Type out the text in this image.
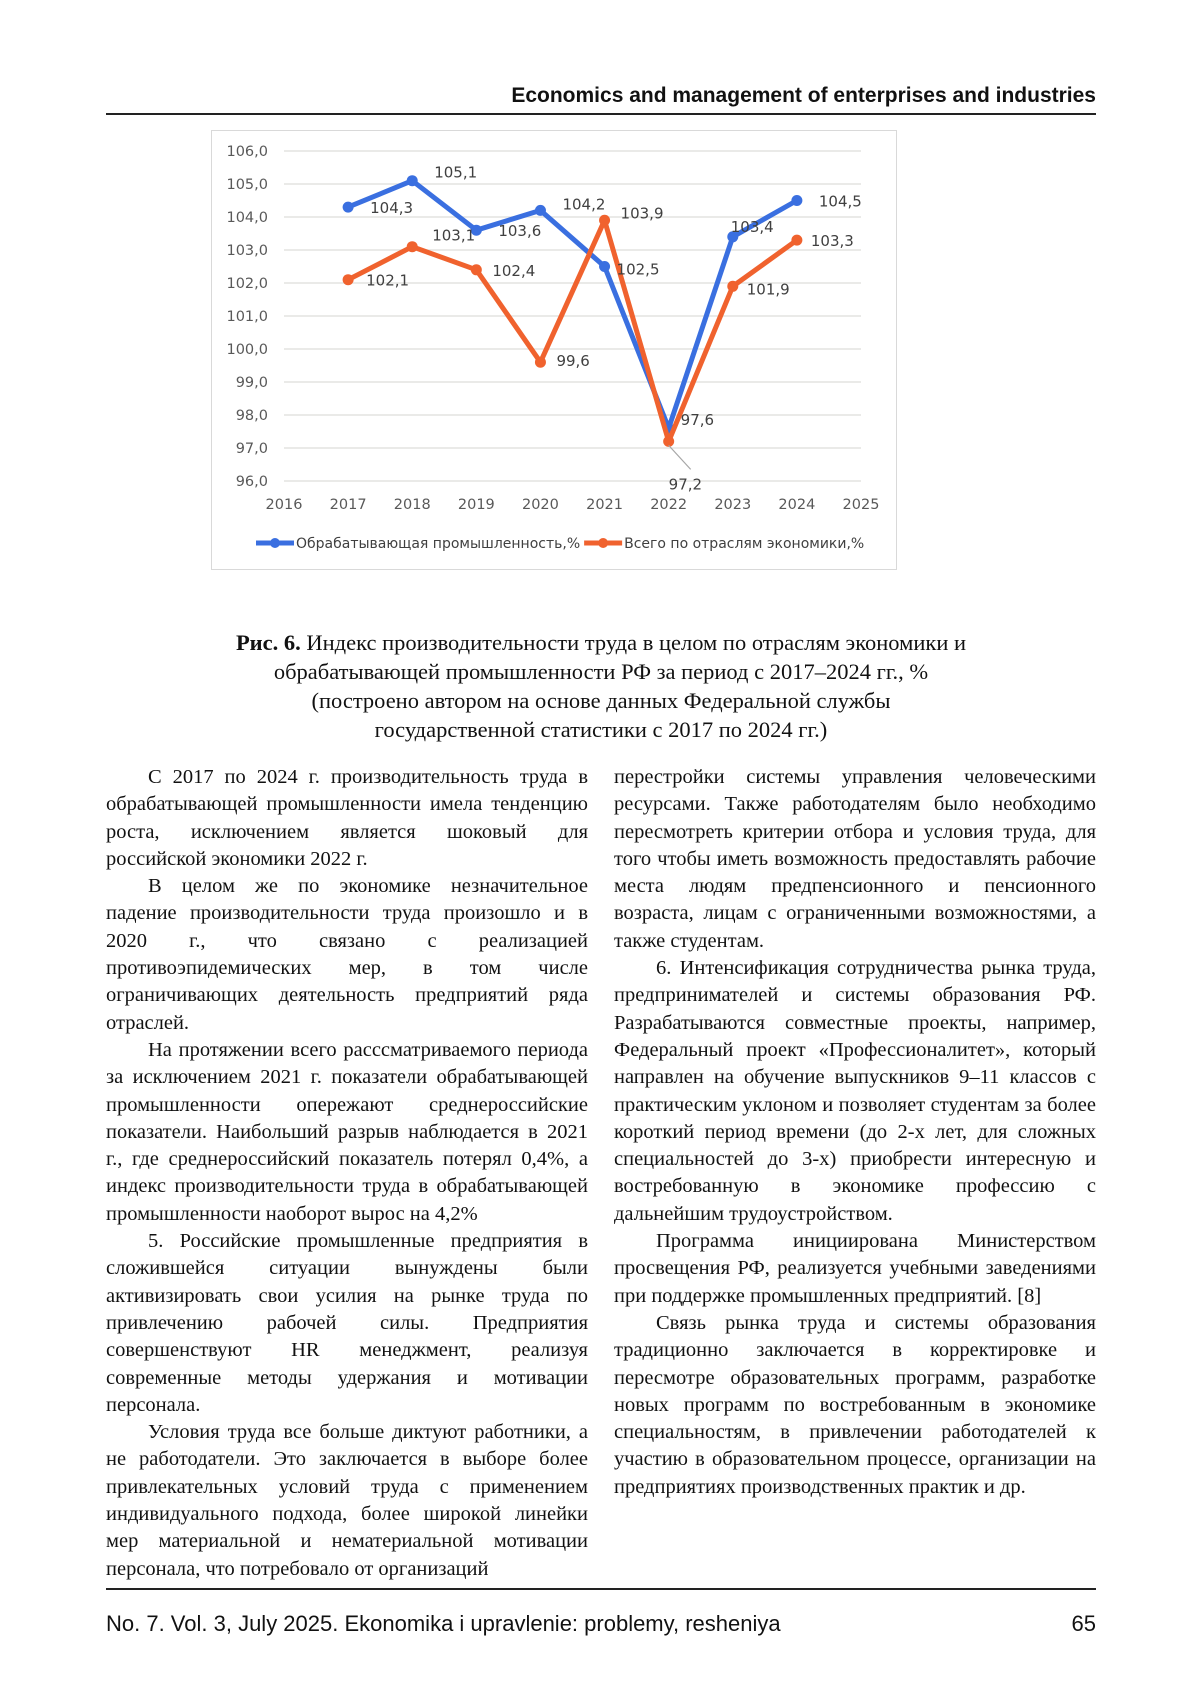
Economics and management of enterprises and industries
96,0
97,0
98,0
99,0
100,0
101,0
102,0
103,0
104,0
105,0
106,0
2016 2017 2018 2019 2020 2021 2022 2023 2024 2025
104,3
105,1
103,6
104,2
102,5
97,6
103,4
104,5
102,1
103,1
102,4
99,6
103,9
97,2
101,9
103,3
Обрабатывающая промышленность,%	Всего по отраслям экономики,%
Рис. 6. Индекс производительности труда в целом по отраслям экономики и
обрабатывающей промышленности РФ за период с 2017–2024 гг., %
(построено автором на основе данных Федеральной службы
государственной статистики с 2017 по 2024 гг.)

С 2017 по 2024 г. производительность труда в обрабатывающей промышленности имела тенденцию роста, исключением является шоковый для российской экономики 2022 г.

В целом же по экономике незначительное падение производительности труда произошло и в 2020 г., что связано с реализацией противоэпидемических мер, в том числе ограничивающих деятельность предприятий ряда отраслей.

На протяжении всего расссматриваемого периода за исключением 2021 г. показатели обрабатывающей промышленности опережают среднероссийские показатели. Наибольший разрыв наблюдается в 2021 г., где среднероссийский показатель потерял 0,4%, а индекс производительности труда в обрабатывающей промышленности наоборот вырос на 4,2%

5. Российские промышленные предприятия в сложившейся ситуации вынуждены были активизировать свои усилия на рынке труда по привлечению рабочей силы. Предприятия совершенствуют HR менеджмент, реализуя современные методы удержания и мотивации персонала.

Условия труда все больше диктуют работники, а не работодатели. Это заключается в выборе более привлекательных условий труда с применением индивидуального подхода, более широкой линейки мер материальной и нематериальной мотивации персонала, что потребовало от организаций

перестройки системы управления человеческими ресурсами. Также работодателям было необходимо пересмотреть критерии отбора и условия труда, для того чтобы иметь возможность предоставлять рабочие места людям предпенсионного и пенсионного возраста, лицам с ограниченными возможностями, а также студентам.

6. Интенсификация сотрудничества рынка труда, предпринимателей и системы образования РФ. Разрабатываются совместные проекты, например, Федеральный проект «Профессионалитет», который направлен на обучение выпускников 9–11 классов с практическим уклоном и позволяет студентам за более короткий период времени (до 2-х лет, для сложных специальностей до 3-х) приобрести интересную и востребованную в экономике профессию с дальнейшим трудоустройством.

Программа инициирована Министерством просвещения РФ, реализуется учебными заведениями при поддержке промышленных предприятий. [8]

Связь рынка труда и системы образования традиционно заключается в корректировке и пересмотре образовательных программ, разработке новых программ по востребованным в экономике специальностям, в привлечении работодателей к участию в образовательном процессе, организации на предприятиях производственных практик и др.

No. 7. Vol. 3, July 2025. Ekonomika i upravlenie: problemy, resheniya	65
